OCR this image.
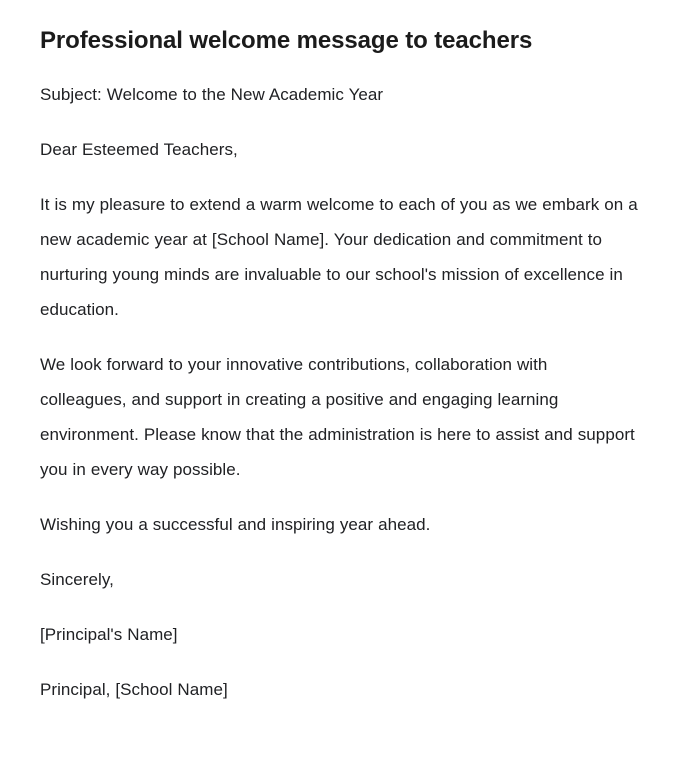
Professional welcome message to teachers

Subject: Welcome to the New Academic Year

Dear Esteemed Teachers,

It is my pleasure to extend a warm welcome to each of you as we embark on a new academic year at [School Name]. Your dedication and commitment to nurturing young minds are invaluable to our school's mission of excellence in education.

We look forward to your innovative contributions, collaboration with colleagues, and support in creating a positive and engaging learning environment. Please know that the administration is here to assist and support you in every way possible.

Wishing you a successful and inspiring year ahead.

Sincerely,

[Principal's Name]

Principal, [School Name]
